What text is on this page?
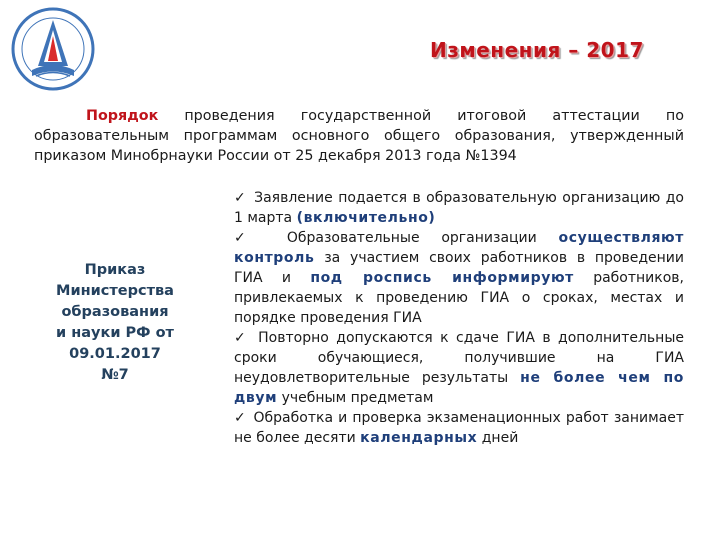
Изменения – 2017
Порядок проведения государственной итоговой аттестации по образовательным программам основного общего образования, утвержденный приказом Минобрнауки России от 25 декабря 2013 года №1394
Приказ
Министерства
образования
и науки РФ от
09.01.2017
№7
✓ Заявление подается в образовательную организацию до 1 марта (включительно)
✓ Образовательные организации осуществляют контроль за участием своих работников в проведении ГИА и под роспись информируют работников, привлекаемых к проведению ГИА о сроках, местах и порядке проведения ГИА
✓ Повторно допускаются к сдаче ГИА в дополнительные сроки обучающиеся, получившие на ГИА неудовлетворительные результаты не более чем по двум учебным предметам
✓ Обработка и проверка экзаменационных работ занимает не более десяти календарных дней
